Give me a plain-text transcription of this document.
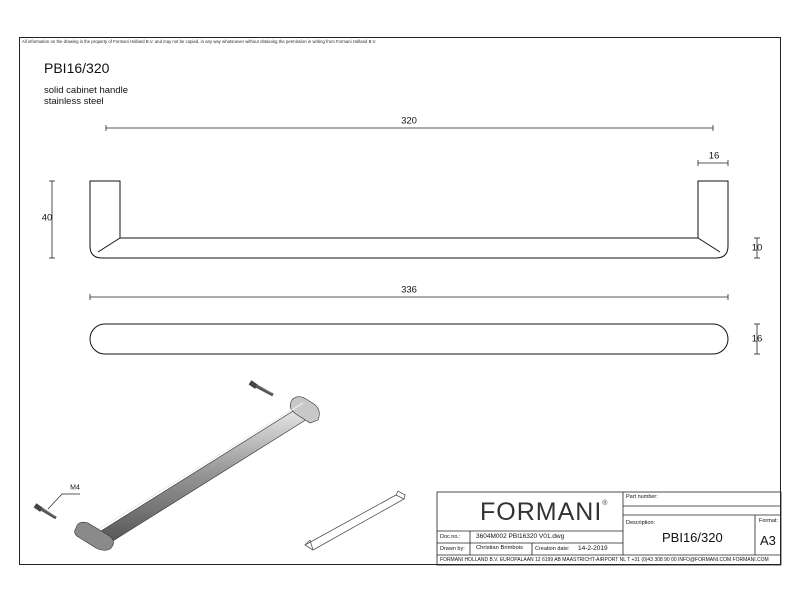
All information on the drawing is the property of Formani Holland B.V. and may not be copied, in any way whatsoever without obtaining the permission in writing from Formani Holland B.V.
PBI16/320
solid cabinet handle
stainless steel
320
16
40
10
336
16
M4
FORMANI®
Part number:
Description:
PBI16/320
Format:
A3
Doc.no.: 3604M002 PBI16320 V01.dwg
Drawn by: Christian Brimbois Creation date: 14-2-2019
FORMANI HOLLAND B.V. EUROPALAAN 12 6199 AB MAASTRICHT-AIRPORT NL T +31 (0)43 308 90 00 INFO@FORMANI.COM FORMANI.COM
